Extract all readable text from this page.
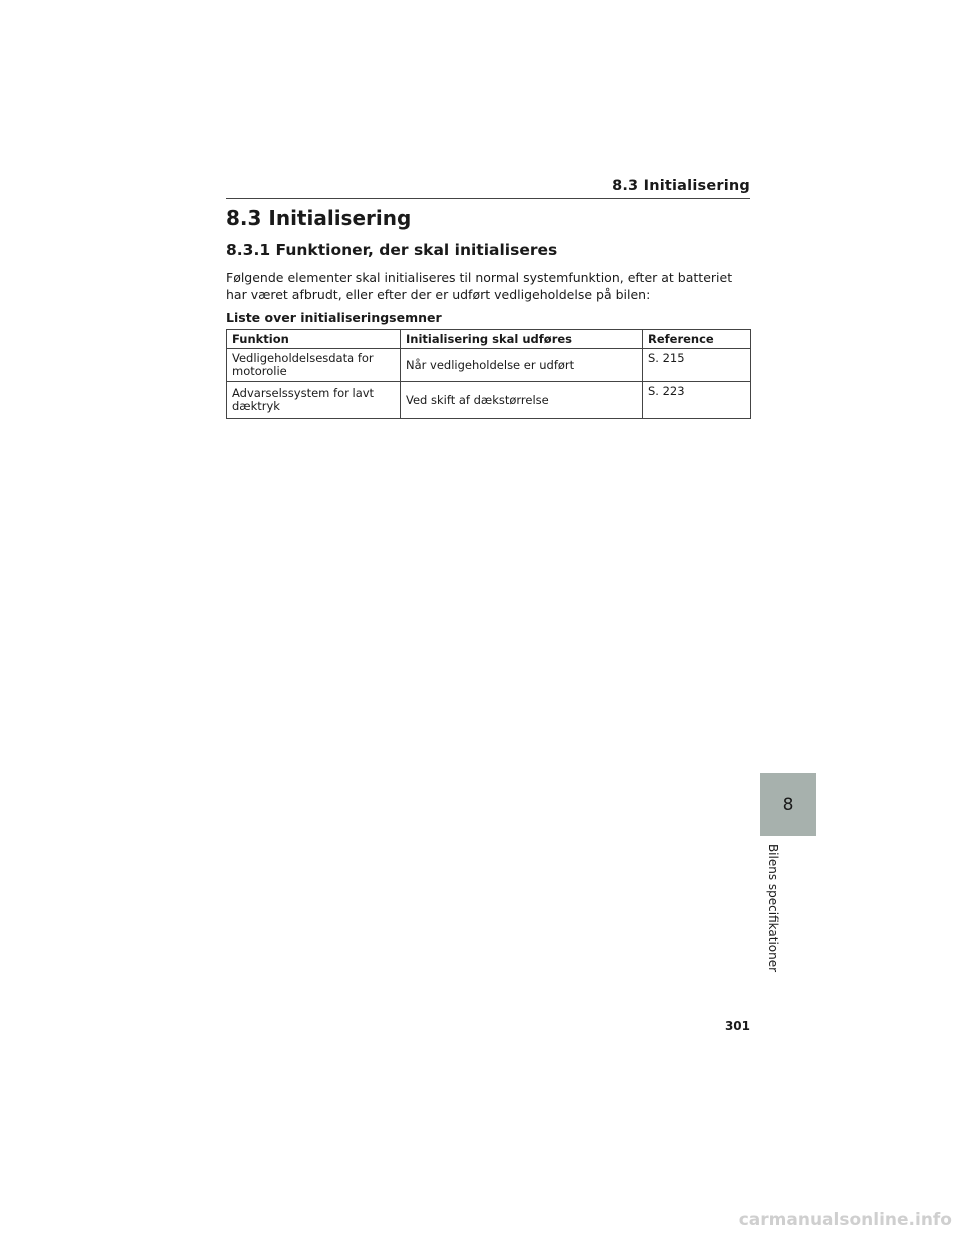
8.3 Initialisering
8.3 Initialisering
8.3.1 Funktioner, der skal initialiseres

Følgende elementer skal initialiseres til normal systemfunktion, efter at batteriet har været afbrudt, eller efter der er udført vedligeholdelse på bilen:

Liste over initialiseringsemner

Funktion	Initialisering skal udføres	Reference
Vedligeholdelsesdata for motorolie	Når vedligeholdelse er udført	S. 215
Advarselssystem for lavt dæktryk	Ved skift af dækstørrelse	S. 223
8
Bilens specifikationer
301
carmanualsonline.info
